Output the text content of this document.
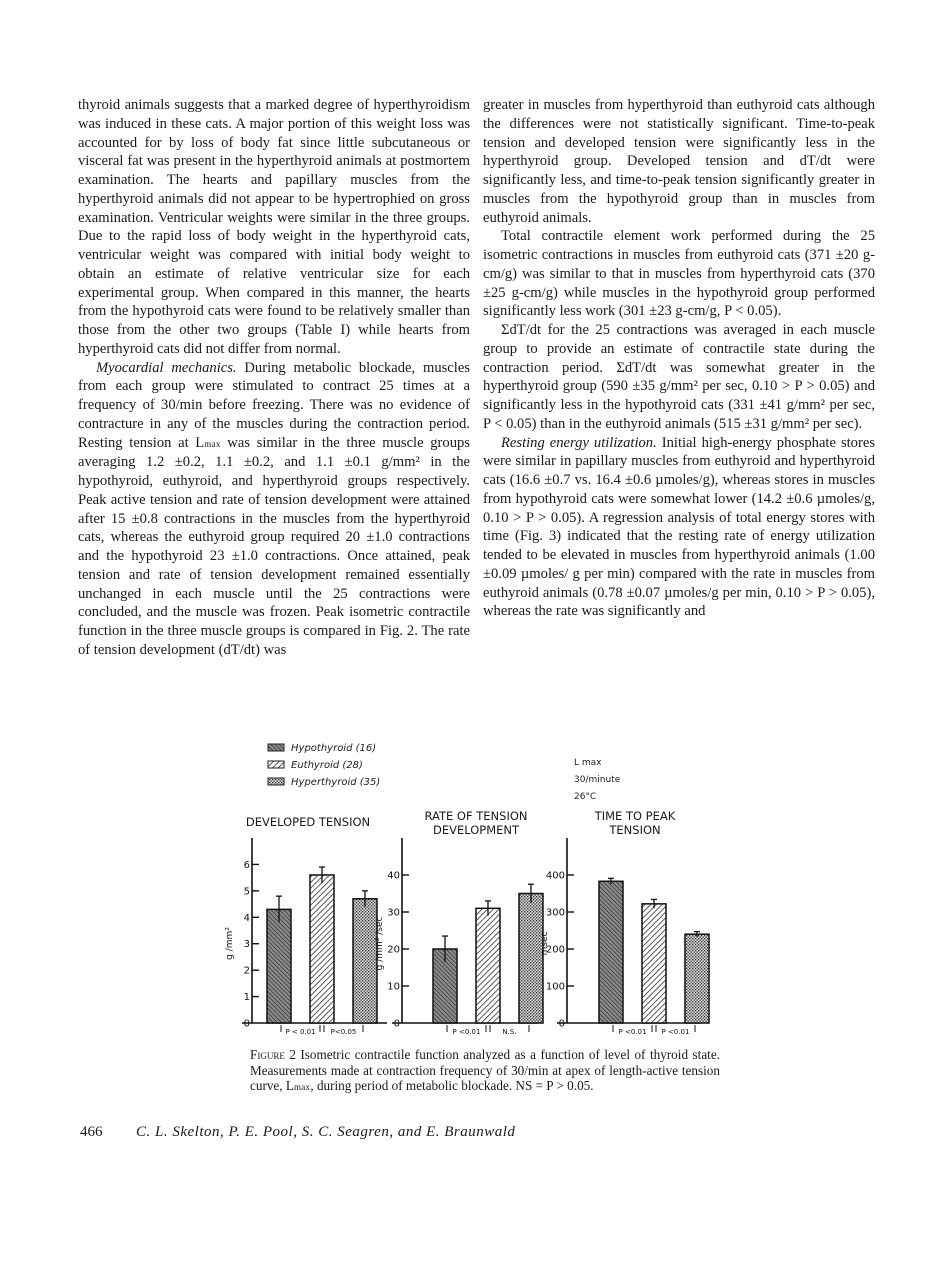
thyroid animals suggests that a marked degree of hyperthyroidism was induced in these cats. A major portion of this weight loss was accounted for by loss of body fat since little subcutaneous or visceral fat was present in the hyperthyroid animals at postmortem examination. The hearts and papillary muscles from the hyperthyroid animals did not appear to be hypertrophied on gross examination. Ventricular weights were similar in the three groups. Due to the rapid loss of body weight in the hyperthyroid cats, ventricular weight was compared with initial body weight to obtain an estimate of relative ventricular size for each experimental group. When compared in this manner, the hearts from the hypothyroid cats were found to be relatively smaller than those from the other two groups (Table I) while hearts from hyperthyroid cats did not differ from normal.

Myocardial mechanics. During metabolic blockade, muscles from each group were stimulated to contract 25 times at a frequency of 30/min before freezing. There was no evidence of contracture in any of the muscles during the contraction period. Resting tension at Lmax was similar in the three muscle groups averaging 1.2 ±0.2, 1.1 ±0.2, and 1.1 ±0.1 g/mm² in the hypothyroid, euthyroid, and hyperthyroid groups respectively. Peak active tension and rate of tension development were attained after 15 ±0.8 contractions in the muscles from the hyperthyroid cats, whereas the euthyroid group required 20 ±1.0 contractions and the hypothyroid 23 ±1.0 contractions. Once attained, peak tension and rate of tension development remained essentially unchanged in each muscle until the 25 contractions were concluded, and the muscle was frozen. Peak isometric contractile function in the three muscle groups is compared in Fig. 2. The rate of tension development (dT/dt) was

greater in muscles from hyperthyroid than euthyroid cats although the differences were not statistically significant. Time-to-peak tension and developed tension were significantly less in the hyperthyroid group. Developed tension and dT/dt were significantly less, and time-to-peak tension significantly greater in muscles from the hypothyroid group than in muscles from euthyroid animals.

Total contractile element work performed during the 25 isometric contractions in muscles from euthyroid cats (371 ±20 g-cm/g) was similar to that in muscles from hyperthyroid cats (370 ±25 g-cm/g) while muscles in the hypothyroid group performed significantly less work (301 ±23 g-cm/g, P < 0.05).

ΣdT/dt for the 25 contractions was averaged in each muscle group to provide an estimate of contractile state during the contraction period. ΣdT/dt was somewhat greater in the hyperthyroid group (590 ±35 g/mm² per sec, 0.10 > P > 0.05) and significantly less in the hypothyroid cats (331 ±41 g/mm² per sec, P < 0.05) than in the euthyroid animals (515 ±31 g/mm² per sec).

Resting energy utilization. Initial high-energy phosphate stores were similar in papillary muscles from euthyroid and hyperthyroid cats (16.6 ±0.7 vs. 16.4 ±0.6 µmoles/g), whereas stores in muscles from hypothyroid cats were somewhat lower (14.2 ±0.6 µmoles/g, 0.10 > P > 0.05). A regression analysis of total energy stores with time (Fig. 3) indicated that the resting rate of energy utilization tended to be elevated in muscles from hyperthyroid animals (1.00 ±0.09 µmoles/ g per min) compared with the rate in muscles from euthyroid animals (0.78 ±0.07 µmoles/g per min, 0.10 > P > 0.05), whereas the rate was significantly and

Hypothyroid (16)
Euthyroid (28)
Hyperthyroid (35)
L max
30/minute
26°C
DEVELOPED TENSION
0
1
2
3
4
5
6
g /mm²
P < 0.01 P<0.05
RATE OF TENSION
DEVELOPMENT
0
10
20
30
40
g /mm² /sec
P <0.01	N.S.
TIME TO PEAK
TENSION
0
100
200
300
400
msec
P <0.01 P <0.01
Figure 2 Isometric contractile function analyzed as a function of level of thyroid state. Measurements made at contraction frequency of 30/min at apex of length-active tension curve, Lmax, during period of metabolic blockade. NS = P > 0.05.
466 C. L. Skelton, P. E. Pool, S. C. Seagren, and E. Braunwald
